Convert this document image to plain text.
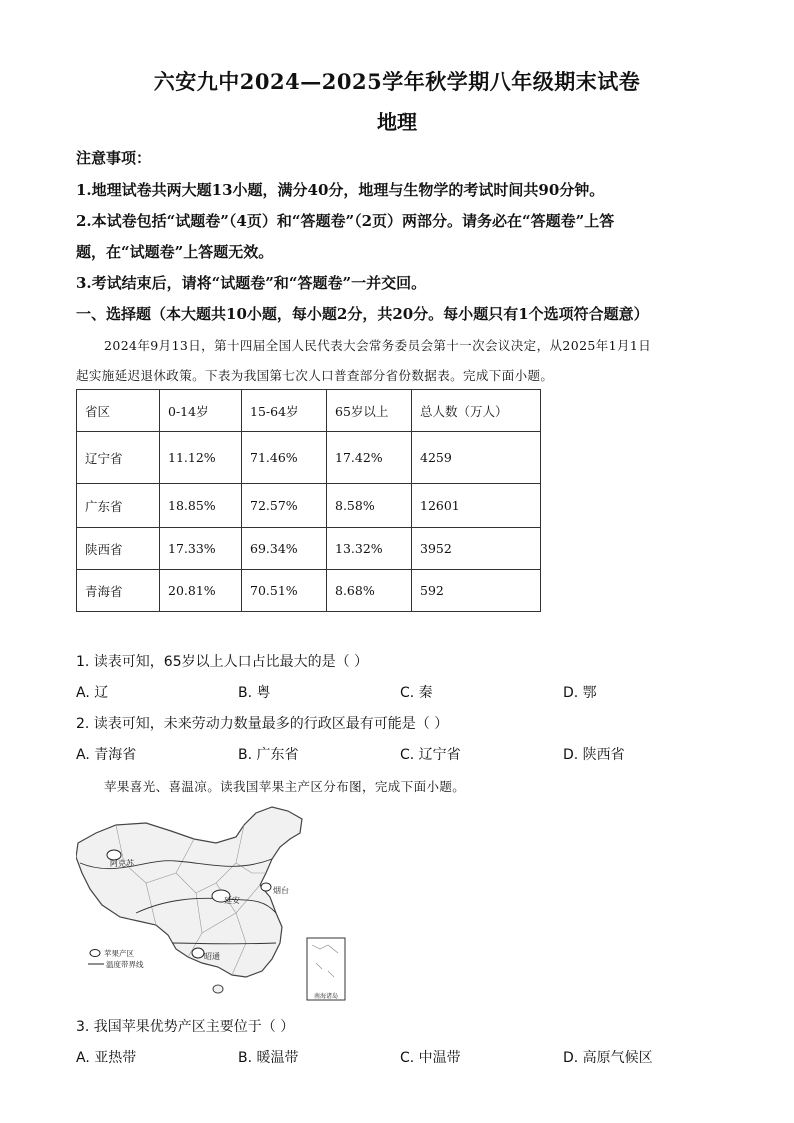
六安九中2024—2025学年秋学期八年级期末试卷
地理
注意事项：
1.地理试卷共两大题13小题，满分40分，地理与生物学的考试时间共90分钟。
2.本试卷包括“试题卷”（4页）和“答题卷”（2页）两部分。请务必在“答题卷”上答
题，在“试题卷”上答题无效。
3.考试结束后，请将“试题卷”和“答题卷”一并交回。
一、选择题（本大题共10小题，每小题2分，共20分。每小题只有1个选项符合题意）
2024年9月13日，第十四届全国人民代表大会常务委员会第十一次会议决定，从2025年1月1日
起实施延迟退休政策。下表为我国第七次人口普查部分省份数据表。完成下面小题。
省区	0-14岁	15-64岁	65岁以上	总人数（万人）
辽宁省	11.12%	71.46%	17.42%	4259
广东省	18.85%	72.57%	8.58%	12601
陕西省	17.33%	69.34%	13.32%	3952
青海省	20.81%	70.51%	8.68%	592
1. 读表可知，65岁以上人口占比最大的是（ ）
A. 辽	B. 粤	C. 秦	D. 鄂
2. 读表可知，未来劳动力数量最多的行政区最有可能是（ ）
A. 青海省	B. 广东省	C. 辽宁省	D. 陕西省
苹果喜光、喜温凉。读我国苹果主产区分布图，完成下面小题。
阿克苏
延安
烟台
昭通
苹果产区
温度带界线
南海诸岛
3. 我国苹果优势产区主要位于（ ）
A. 亚热带	B. 暖温带	C. 中温带	D. 高原气候区
